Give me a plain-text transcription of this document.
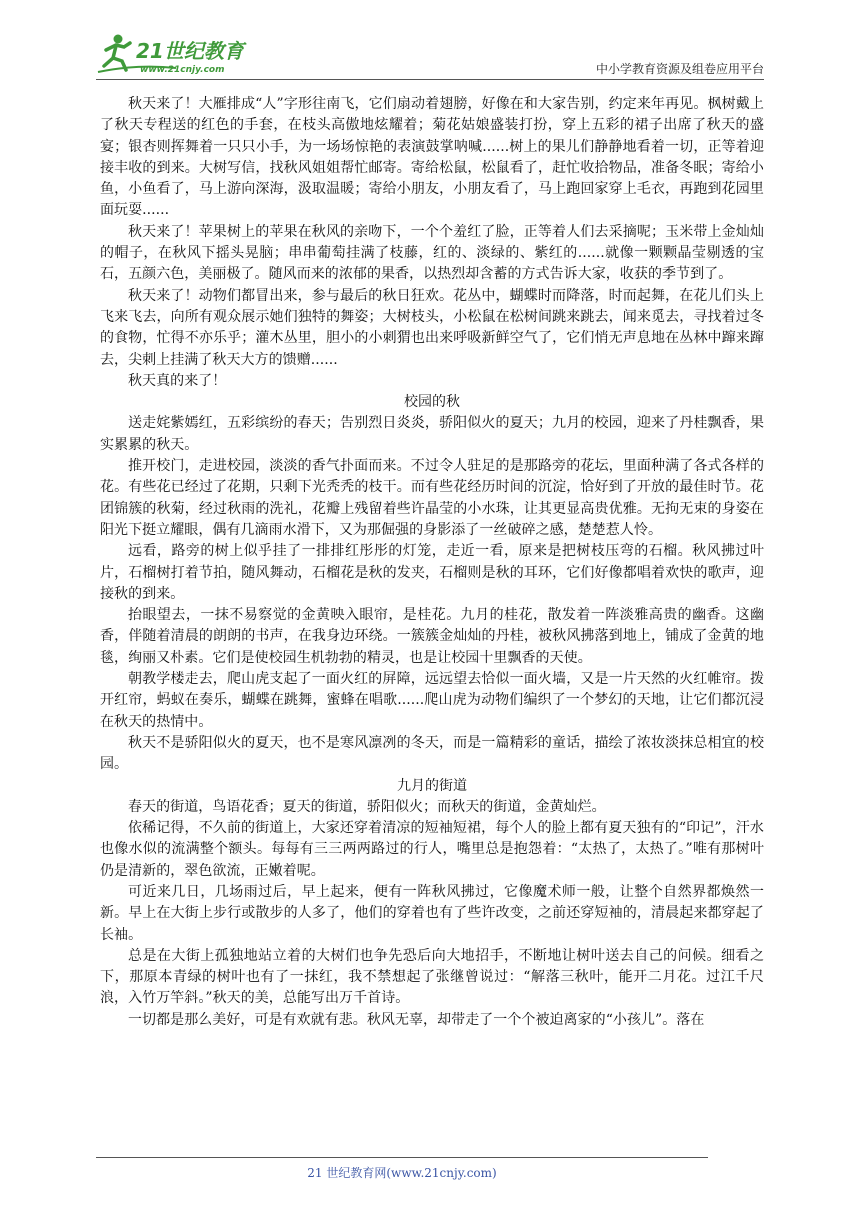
21世纪教育
www.21cnjy.com	中小学教育资源及组卷应用平台

秋天来了！大雁排成“人”字形往南飞，它们扇动着翅膀，好像在和大家告别，约定来年再见。枫树戴上了秋天专程送的红色的手套，在枝头高傲地炫耀着；菊花姑娘盛装打扮，穿上五彩的裙子出席了秋天的盛宴；银杏则挥舞着一只只小手，为一场场惊艳的表演鼓掌呐喊......树上的果儿们静静地看着一切，正等着迎接丰收的到来。大树写信，找秋风姐姐帮忙邮寄。寄给松鼠，松鼠看了，赶忙收拾物品，准备冬眠；寄给小鱼，小鱼看了，马上游向深海，汲取温暖；寄给小朋友，小朋友看了，马上跑回家穿上毛衣，再跑到花园里面玩耍......

秋天来了！苹果树上的苹果在秋风的亲吻下，一个个羞红了脸，正等着人们去采摘呢；玉米带上金灿灿的帽子，在秋风下摇头晃脑；串串葡萄挂满了枝藤，红的、淡绿的、紫红的......就像一颗颗晶莹剔透的宝石，五颜六色，美丽极了。随风而来的浓郁的果香，以热烈却含蓄的方式告诉大家，收获的季节到了。

秋天来了！动物们都冒出来，参与最后的秋日狂欢。花丛中，蝴蝶时而降落，时而起舞，在花儿们头上飞来飞去，向所有观众展示她们独特的舞姿；大树枝头，小松鼠在松树间跳来跳去，闻来觅去，寻找着过冬的食物，忙得不亦乐乎；灌木丛里，胆小的小刺猬也出来呼吸新鲜空气了，它们悄无声息地在丛林中蹿来蹿去，尖刺上挂满了秋天大方的馈赠......

秋天真的来了！

校园的秋

送走姹紫嫣红，五彩缤纷的春天；告别烈日炎炎，骄阳似火的夏天；九月的校园，迎来了丹桂飘香，果实累累的秋天。

推开校门，走进校园，淡淡的香气扑面而来。不过令人驻足的是那路旁的花坛，里面种满了各式各样的花。有些花已经过了花期，只剩下光秃秃的枝干。而有些花经历时间的沉淀，恰好到了开放的最佳时节。花团锦簇的秋菊，经过秋雨的洗礼，花瓣上残留着些许晶莹的小水珠，让其更显高贵优雅。无拘无束的身姿在阳光下挺立耀眼，偶有几滴雨水滑下，又为那倔强的身影添了一丝破碎之感，楚楚惹人怜。

远看，路旁的树上似乎挂了一排排红彤彤的灯笼，走近一看，原来是把树枝压弯的石榴。秋风拂过叶片，石榴树打着节拍，随风舞动，石榴花是秋的发夹，石榴则是秋的耳环，它们好像都唱着欢快的歌声，迎接秋的到来。

抬眼望去，一抹不易察觉的金黄映入眼帘，是桂花。九月的桂花，散发着一阵淡雅高贵的幽香。这幽香，伴随着清晨的朗朗的书声，在我身边环绕。一簇簇金灿灿的丹桂，被秋风拂落到地上，铺成了金黄的地毯，绚丽又朴素。它们是使校园生机勃勃的精灵，也是让校园十里飘香的天使。

朝教学楼走去，爬山虎支起了一面火红的屏障，远远望去恰似一面火墙，又是一片天然的火红帷帘。拨开红帘，蚂蚁在奏乐，蝴蝶在跳舞，蜜蜂在唱歌......爬山虎为动物们编织了一个梦幻的天地，让它们都沉浸在秋天的热情中。

秋天不是骄阳似火的夏天，也不是寒风凛冽的冬天，而是一篇精彩的童话，描绘了浓妆淡抹总相宜的校园。

九月的街道

春天的街道，鸟语花香；夏天的街道，骄阳似火；而秋天的街道，金黄灿烂。

依稀记得，不久前的街道上，大家还穿着清凉的短袖短裙，每个人的脸上都有夏天独有的“印记”，汗水也像水似的流满整个额头。每每有三三两两路过的行人，嘴里总是抱怨着：“太热了，太热了。”唯有那树叶仍是清新的，翠色欲流，正嫩着呢。

可近来几日，几场雨过后，早上起来，便有一阵秋风拂过，它像魔术师一般，让整个自然界都焕然一新。早上在大街上步行或散步的人多了，他们的穿着也有了些许改变，之前还穿短袖的，清晨起来都穿起了长袖。

总是在大街上孤独地站立着的大树们也争先恐后向大地招手，不断地让树叶送去自己的问候。细看之下，那原本青绿的树叶也有了一抹红，我不禁想起了张继曾说过：“解落三秋叶，能开二月花。过江千尺浪，入竹万竿斜。”秋天的美，总能写出万千首诗。

一切都是那么美好，可是有欢就有悲。秋风无辜，却带走了一个个被迫离家的“小孩儿”。落在

21 世纪教育网(www.21cnjy.com)
